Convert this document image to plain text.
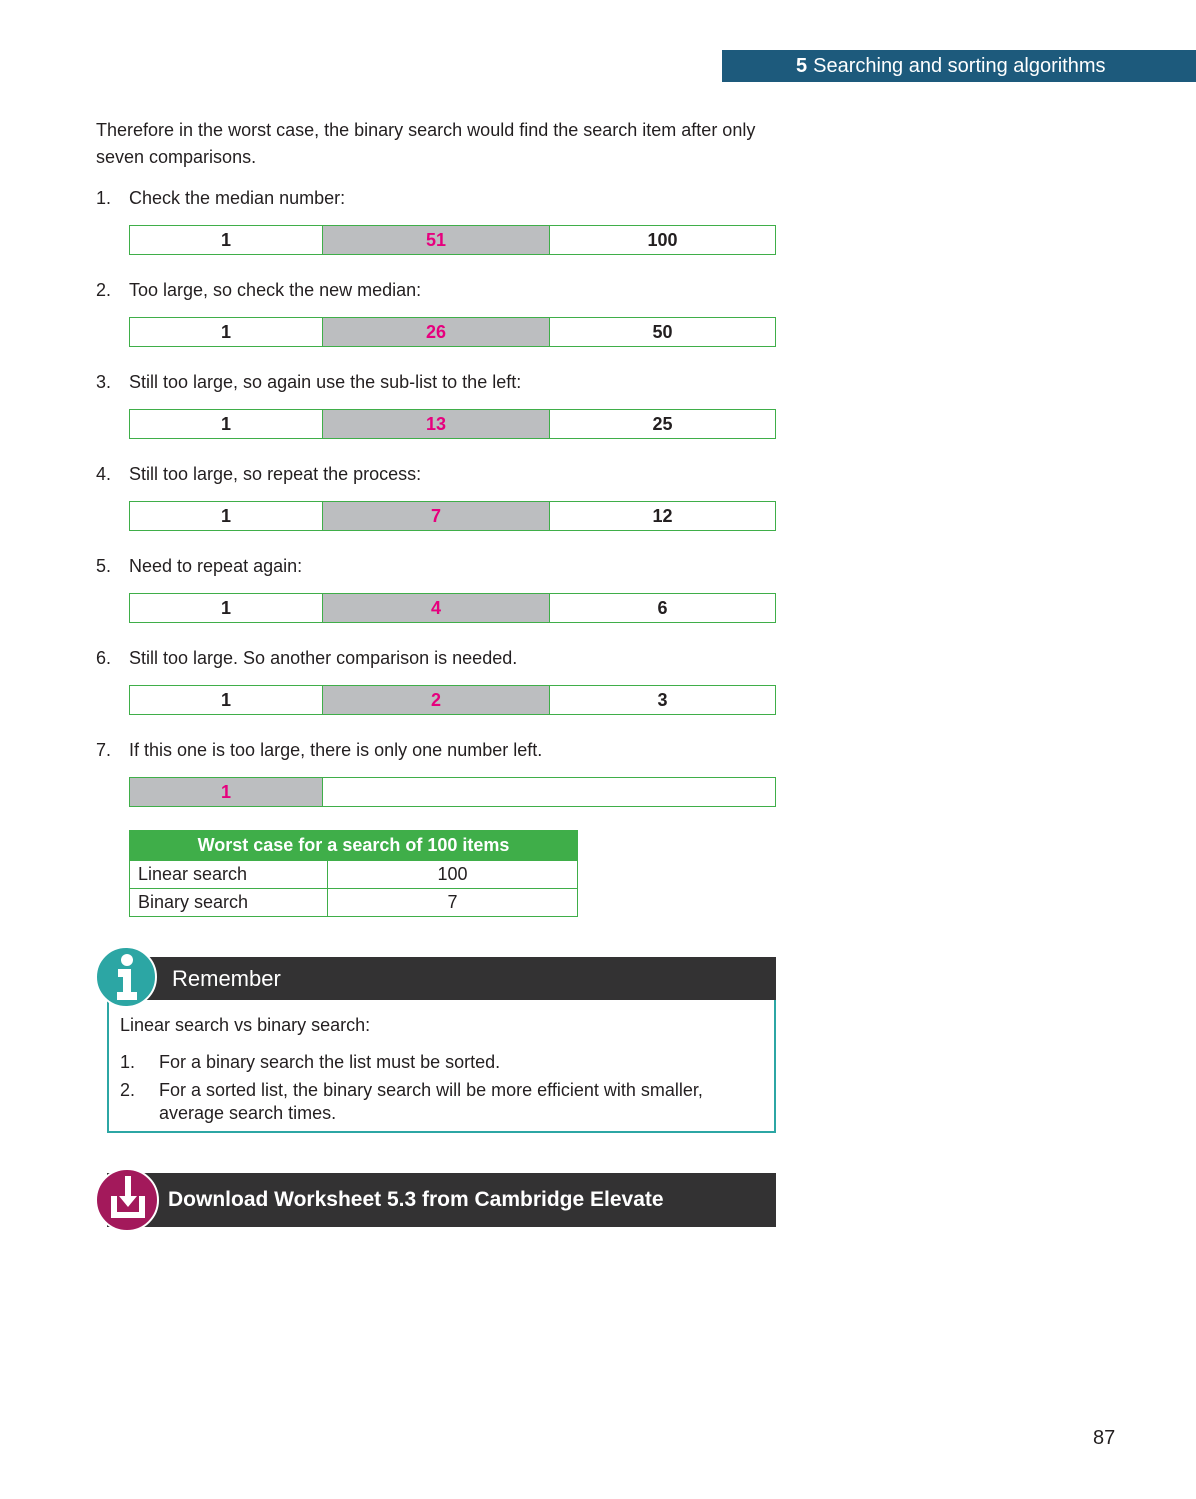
5 Searching and sorting algorithms

Therefore in the worst case, the binary search would find the search item after only seven comparisons.

1. Check the median number:
1	51	100
2. Too large, so check the new median:
1	26	50
3. Still too large, so again use the sub-list to the left:
1	13	25
4. Still too large, so repeat the process:
1	7	12
5. Need to repeat again:
1	4	6
6. Still too large. So another comparison is needed.
1	2	3
7. If this one is too large, there is only one number left.
1
Worst case for a search of 100 items	
Linear search	100
Binary search	7
Remember

Linear search vs binary search:

1.	For a binary search the list must be sorted.
2.	For a sorted list, the binary search will be more efficient with smaller, average search times.
Download Worksheet 5.3 from Cambridge Elevate
87
